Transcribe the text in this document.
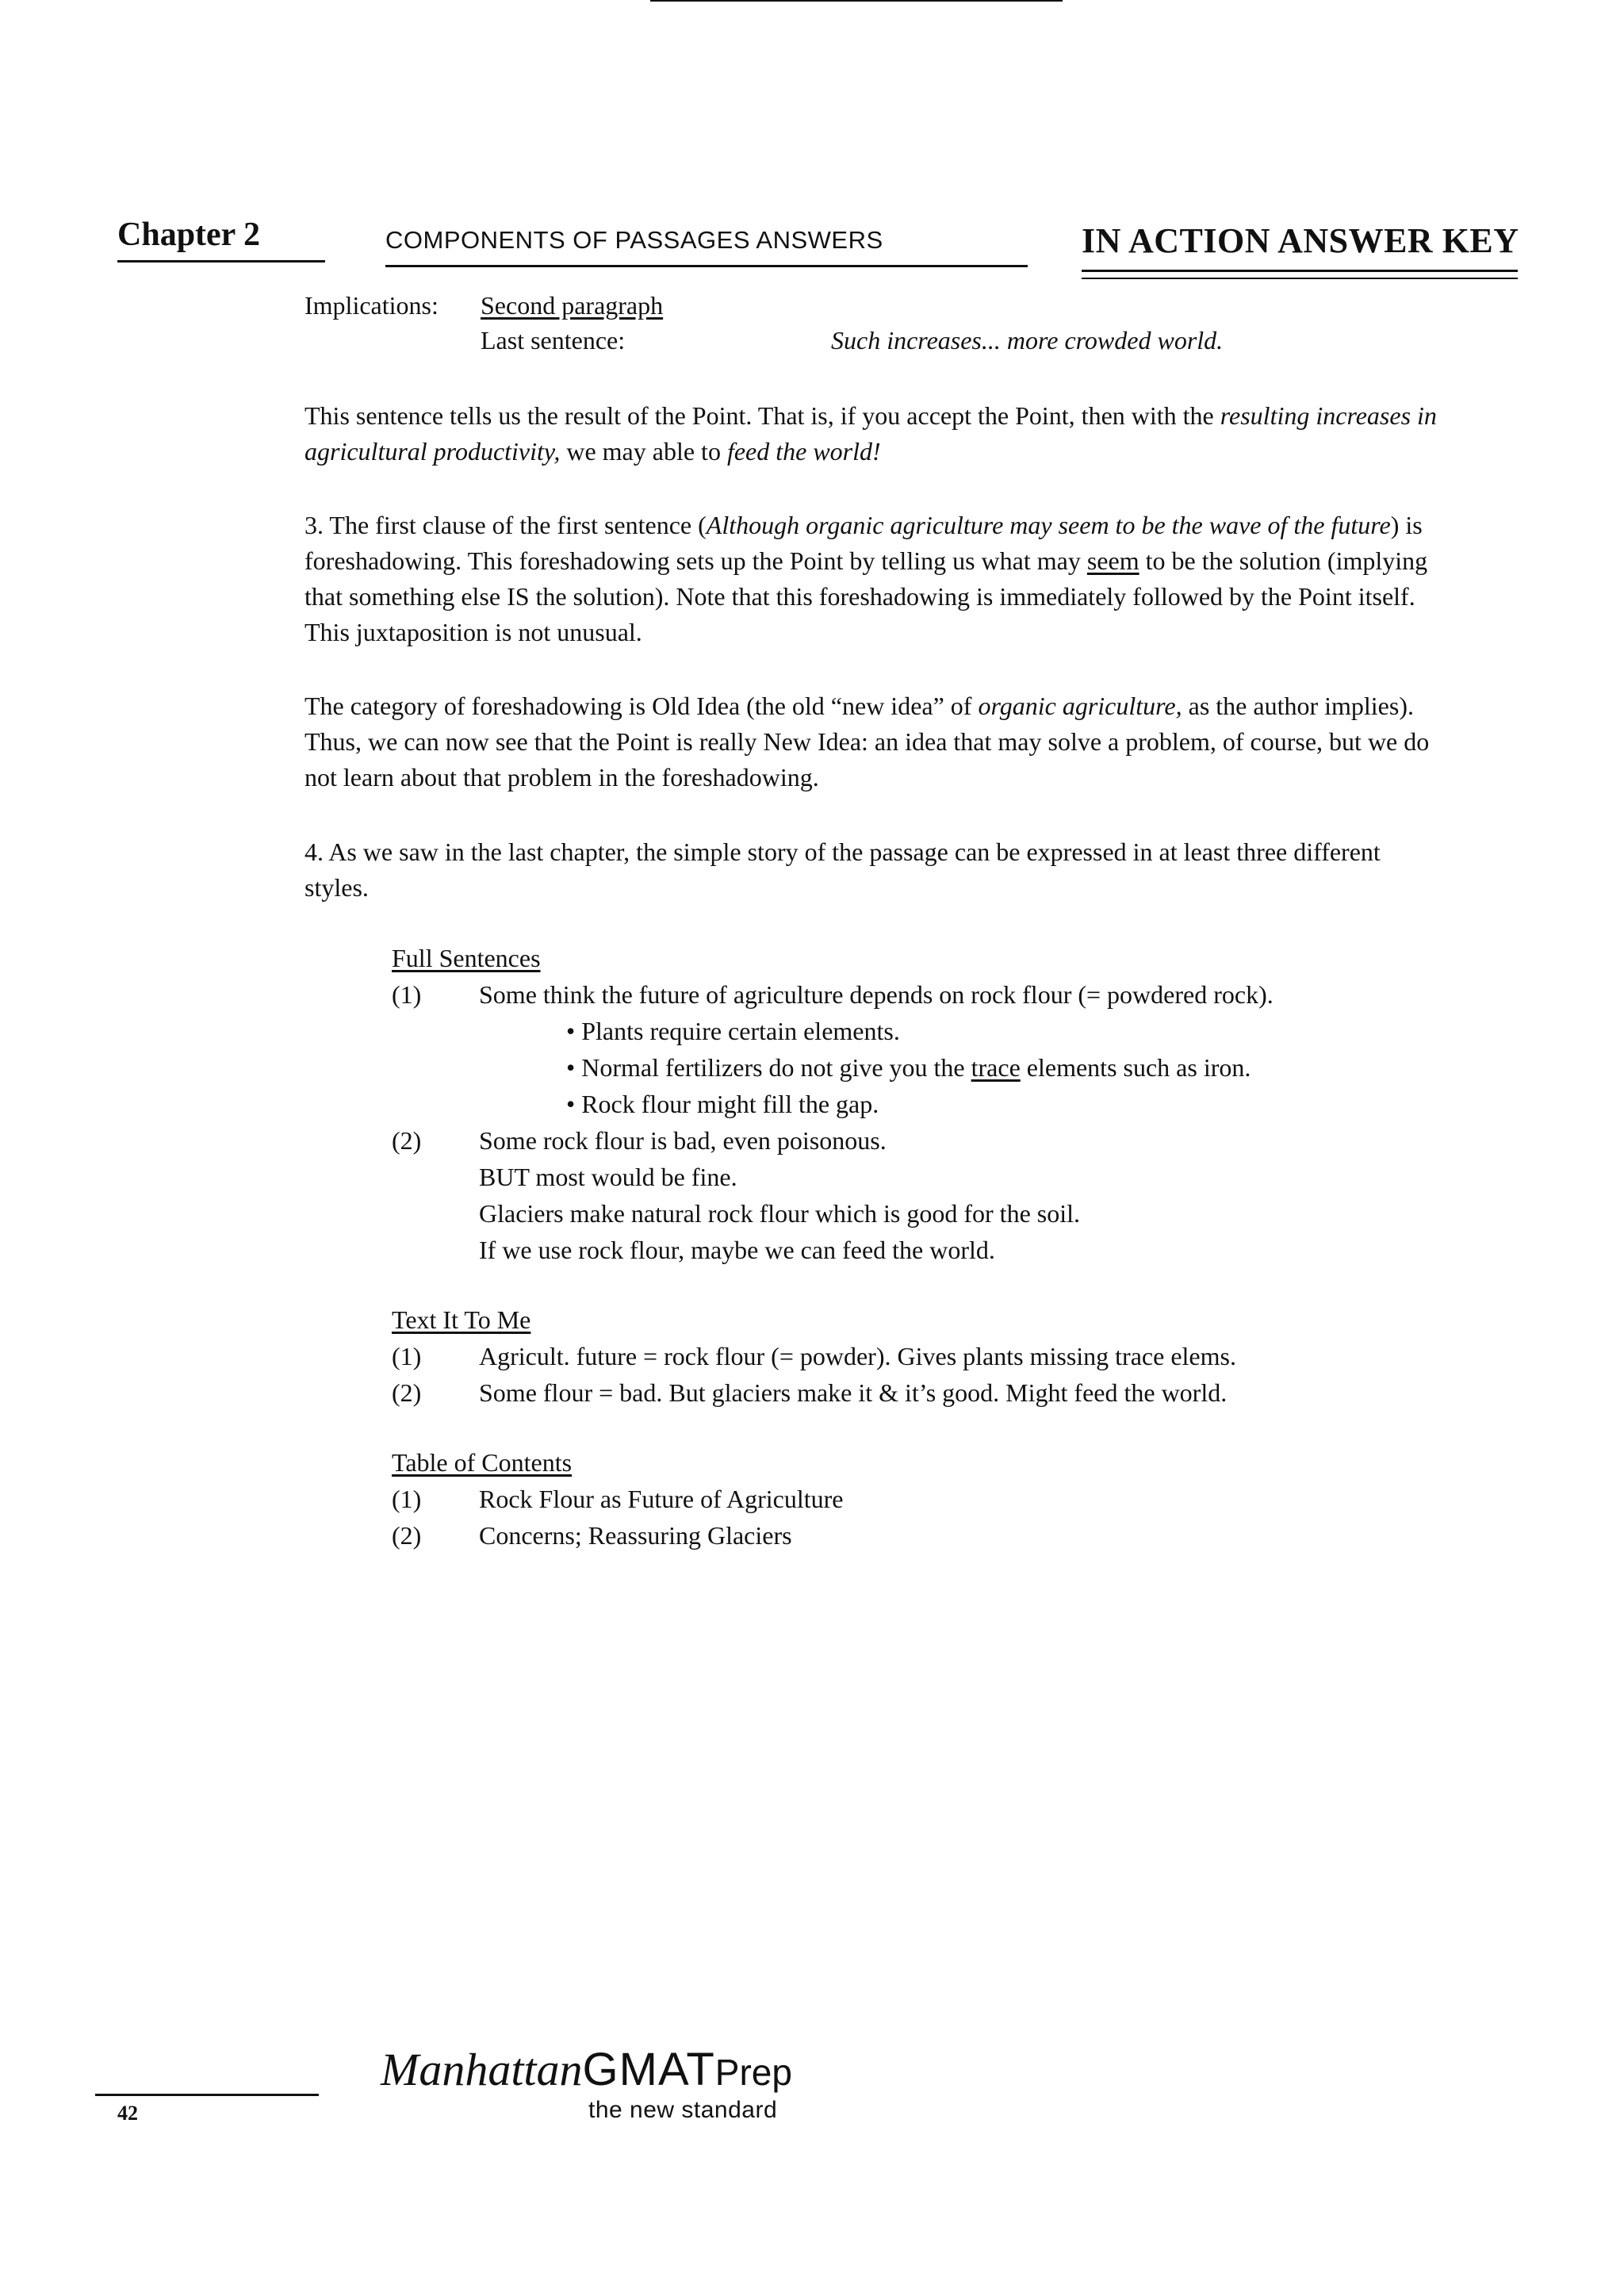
Chapter 2	COMPONENTS OF PASSAGES ANSWERS	IN ACTION ANSWER KEY
Implications: Second paragraph
Last sentence:	Such increases... more crowded world.
This sentence tells us the result of the Point. That is, if you accept the Point, then with the resulting increases in agricultural productivity, we may able to feed the world!
3. The first clause of the first sentence (Although organic agriculture may seem to be the wave of the future) is foreshadowing. This foreshadowing sets up the Point by telling us what may seem to be the solution (implying that something else IS the solution). Note that this foreshadowing is immediately followed by the Point itself. This juxtaposition is not unusual.
The category of foreshadowing is Old Idea (the old “new idea” of organic agriculture, as the author implies). Thus, we can now see that the Point is really New Idea: an idea that may solve a problem, of course, but we do not learn about that problem in the foreshadowing.
4. As we saw in the last chapter, the simple story of the passage can be expressed in at least three different styles.
Full Sentences
(1)	Some think the future of agriculture depends on rock flour (= powdered rock).
• Plants require certain elements.
• Normal fertilizers do not give you the trace elements such as iron.
• Rock flour might fill the gap.
(2)	Some rock flour is bad, even poisonous.
BUT most would be fine.
Glaciers make natural rock flour which is good for the soil.
If we use rock flour, maybe we can feed the world.
Text It To Me
(1)	Agricult. future = rock flour (= powder). Gives plants missing trace elems.
(2)	Some flour = bad. But glaciers make it & it’s good. Might feed the world.
Table of Contents
(1)	Rock Flour as Future of Agriculture
(2)	Concerns; Reassuring Glaciers
42
ManhattanGMATPrep
the new standard
